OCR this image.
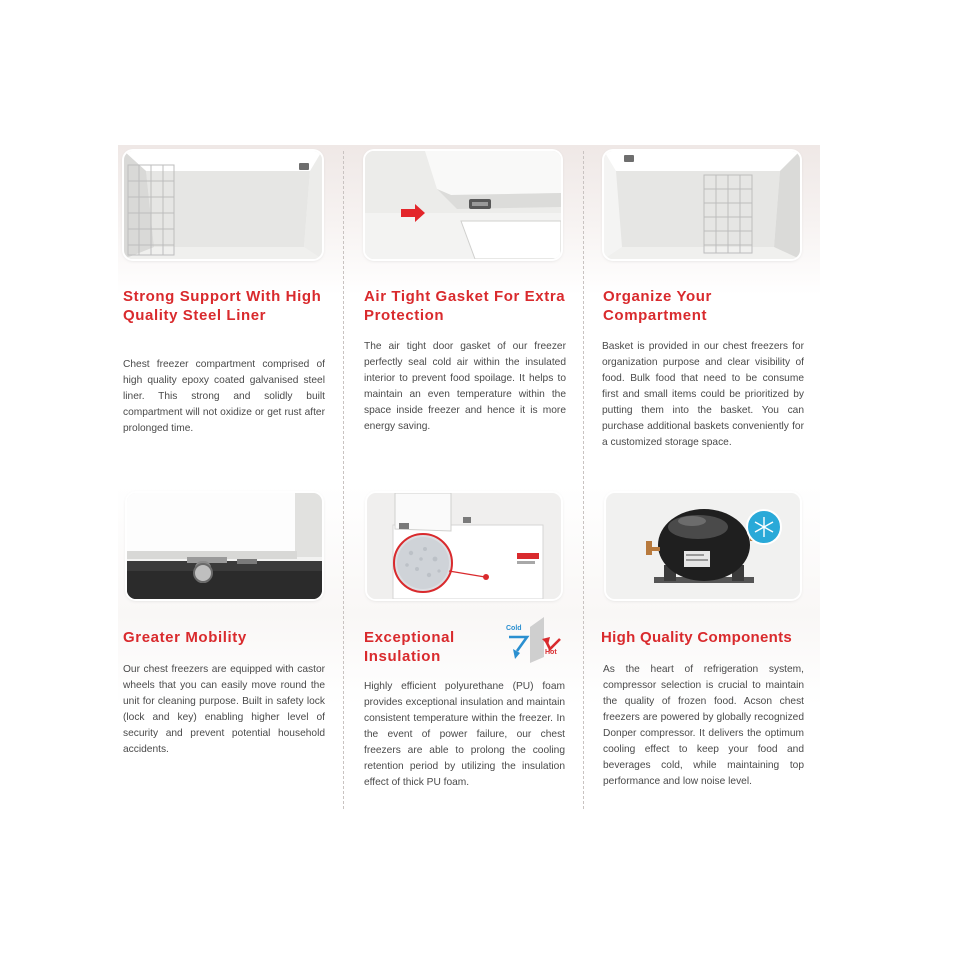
Strong Support With High Quality Steel Liner

Chest freezer compartment comprised of high quality epoxy coated galvanised steel liner. This strong and solidly built compartment will not oxidize or get rust after prolonged time.

Air Tight Gasket For Extra Protection

The air tight door gasket of our freezer perfectly seal cold air within the insulated interior to prevent food spoilage. It helps to maintain an even temperature within the space inside freezer and hence it is more energy saving.

Organize Your Compartment

Basket is provided in our chest freezers for organization purpose and clear visibility of food. Bulk food that need to be consume first and small items could be prioritized by putting them into the basket. You can purchase additional baskets conveniently for a customized storage space.

Greater Mobility

Our chest freezers are equipped with castor wheels that you can easily move round the unit for cleaning purpose. Built in safety lock (lock and key) enabling higher level of security and prevent potential household accidents.

Exceptional Insulation
Cold
Hot

Highly efficient polyurethane (PU) foam provides exceptional insulation and maintain consistent temperature within the freezer. In the event of power failure, our chest freezers are able to prolong the cooling retention period by utilizing the insulation effect of thick PU foam.

High Quality Components

As the heart of refrigeration system, compressor selection is crucial to maintain the quality of frozen food. Acson chest freezers are powered by globally recognized Donper compressor. It delivers the optimum cooling effect to keep your food and beverages cold, while maintaining top performance and low noise level.
